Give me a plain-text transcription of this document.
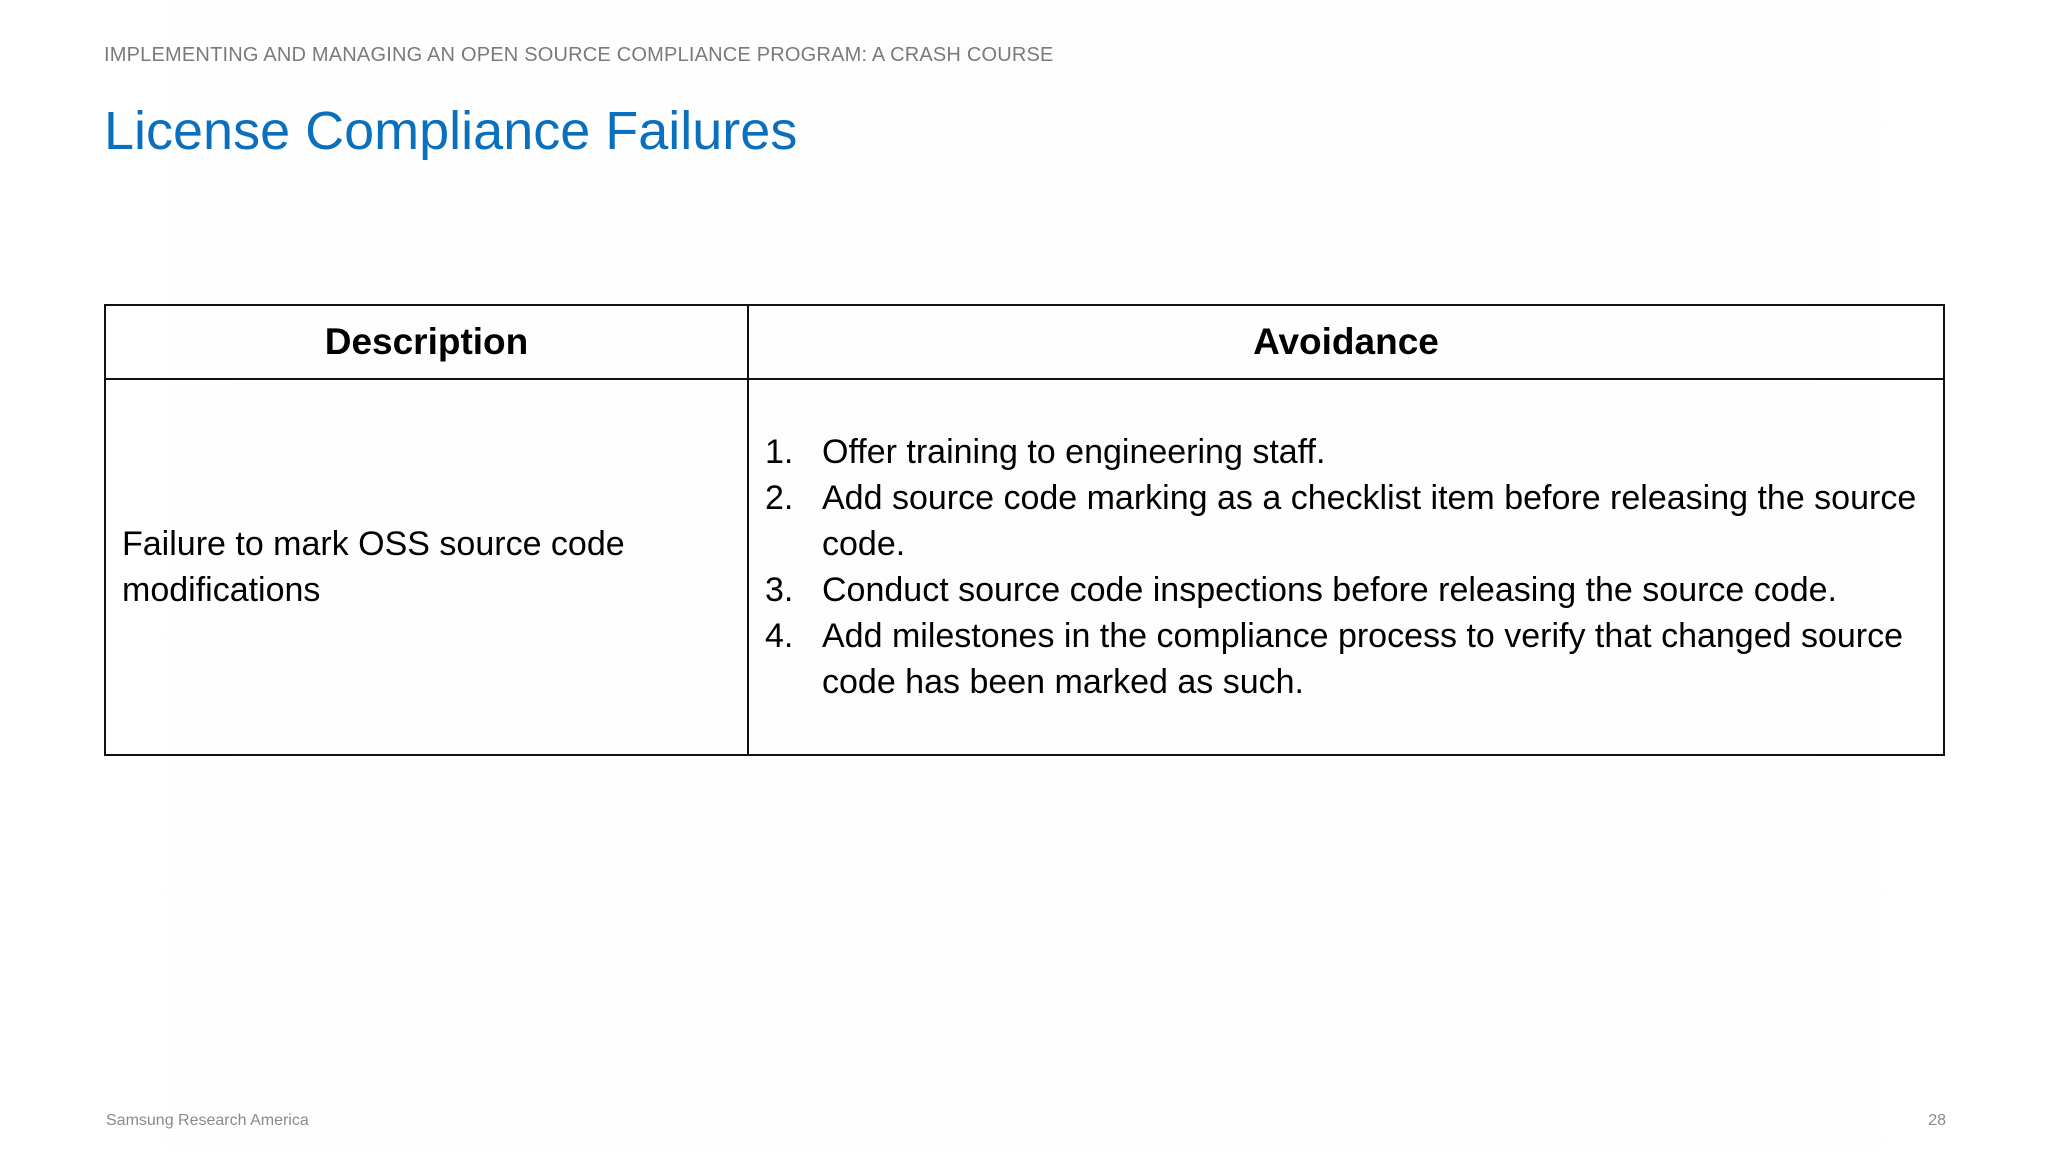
IMPLEMENTING AND MANAGING AN OPEN SOURCE COMPLIANCE PROGRAM: A CRASH COURSE
License Compliance Failures
Description	Avoidance
Failure to mark OSS source code modifications
1. Offer training to engineering staff.
2. Add source code marking as a checklist item before releasing the source code.
3. Conduct source code inspections before releasing the source code.
4. Add milestones in the compliance process to verify that changed source code has been marked as such.
Samsung Research America	28
